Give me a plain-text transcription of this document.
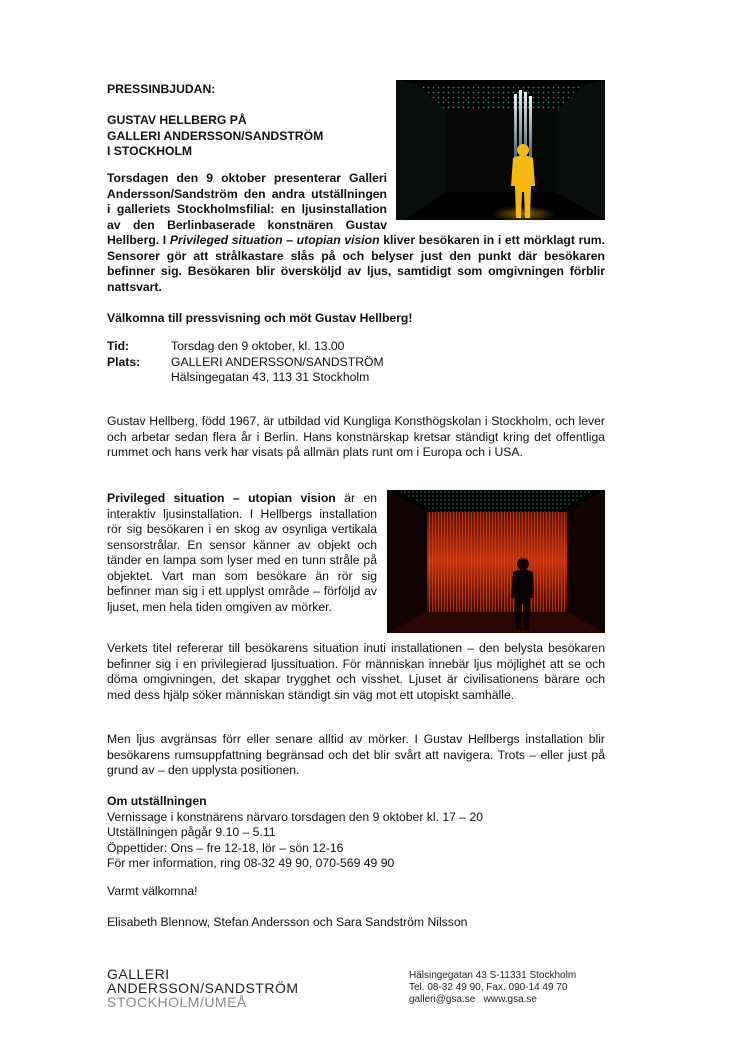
PRESSINBJUDAN:
GUSTAV HELLBERG PÅ
GALLERI ANDERSSON/SANDSTRÖM
I STOCKHOLM
Torsdagen den 9 oktober presenterar Galleri
Andersson/Sandström den andra utställningen
i galleriets Stockholmsfilial: en ljusinstallation
av den Berlinbaserade konstnären Gustav
Hellberg. I Privileged situation – utopian vision kliver besökaren in i ett mörklagt rum. Sensorer gör att strålkastare slås på och belyser just den punkt där besökaren befinner sig. Besökaren blir översköljd av ljus, samtidigt som omgivningen förblir nattsvart.
Välkomna till pressvisning och möt Gustav Hellberg!
Tid:	Torsdag den 9 oktober, kl. 13.00
Plats:	GALLERI ANDERSSON/SANDSTRÖM
Hälsingegatan 43, 113 31 Stockholm
Gustav Hellberg, född 1967, är utbildad vid Kungliga Konsthögskolan i Stockholm, och lever och arbetar sedan flera år i Berlin. Hans konstnärskap kretsar ständigt kring det offentliga rummet och hans verk har visats på allmän plats runt om i Europa och i USA.
Privileged situation – utopian vision är en interaktiv ljusinstallation. I Hellbergs installation rör sig besökaren i en skog av osynliga vertikala sensorstrålar. En sensor känner av objekt och tänder en lampa som lyser med en tunn stråle på objektet. Vart man som besökare än rör sig befinner man sig i ett upplyst område – förföljd av ljuset, men hela tiden omgiven av mörker.
Verkets titel refererar till besökarens situation inuti installationen – den belysta besökaren befinner sig i en privilegierad ljussituation. För människan innebär ljus möjlighet att se och döma omgivningen, det skapar trygghet och visshet. Ljuset är civilisationens bärare och med dess hjälp söker människan ständigt sin väg mot ett utopiskt samhälle.
Men ljus avgränsas förr eller senare alltid av mörker. I Gustav Hellbergs installation blir besökarens rumsuppfattning begränsad och det blir svårt att navigera. Trots – eller just på grund av – den upplysta positionen.
Om utställningen
Vernissage i konstnärens närvaro torsdagen den 9 oktober kl. 17 – 20
Utställningen pågår 9.10 – 5.11
Öppettider: Ons – fre 12-18, lör – sön 12-16
För mer information, ring 08-32 49 90, 070-569 49 90
Varmt välkomna!
Elisabeth Blennow, Stefan Andersson och Sara Sandström Nilsson
GALLERI
ANDERSSON/SANDSTRÖM
STOCKHOLM/UMEÅ
Hälsingegatan 43 S-11331 Stockholm
Tel. 08-32 49 90, Fax. 090-14 49 70
galleri@gsa.se www.gsa.se
